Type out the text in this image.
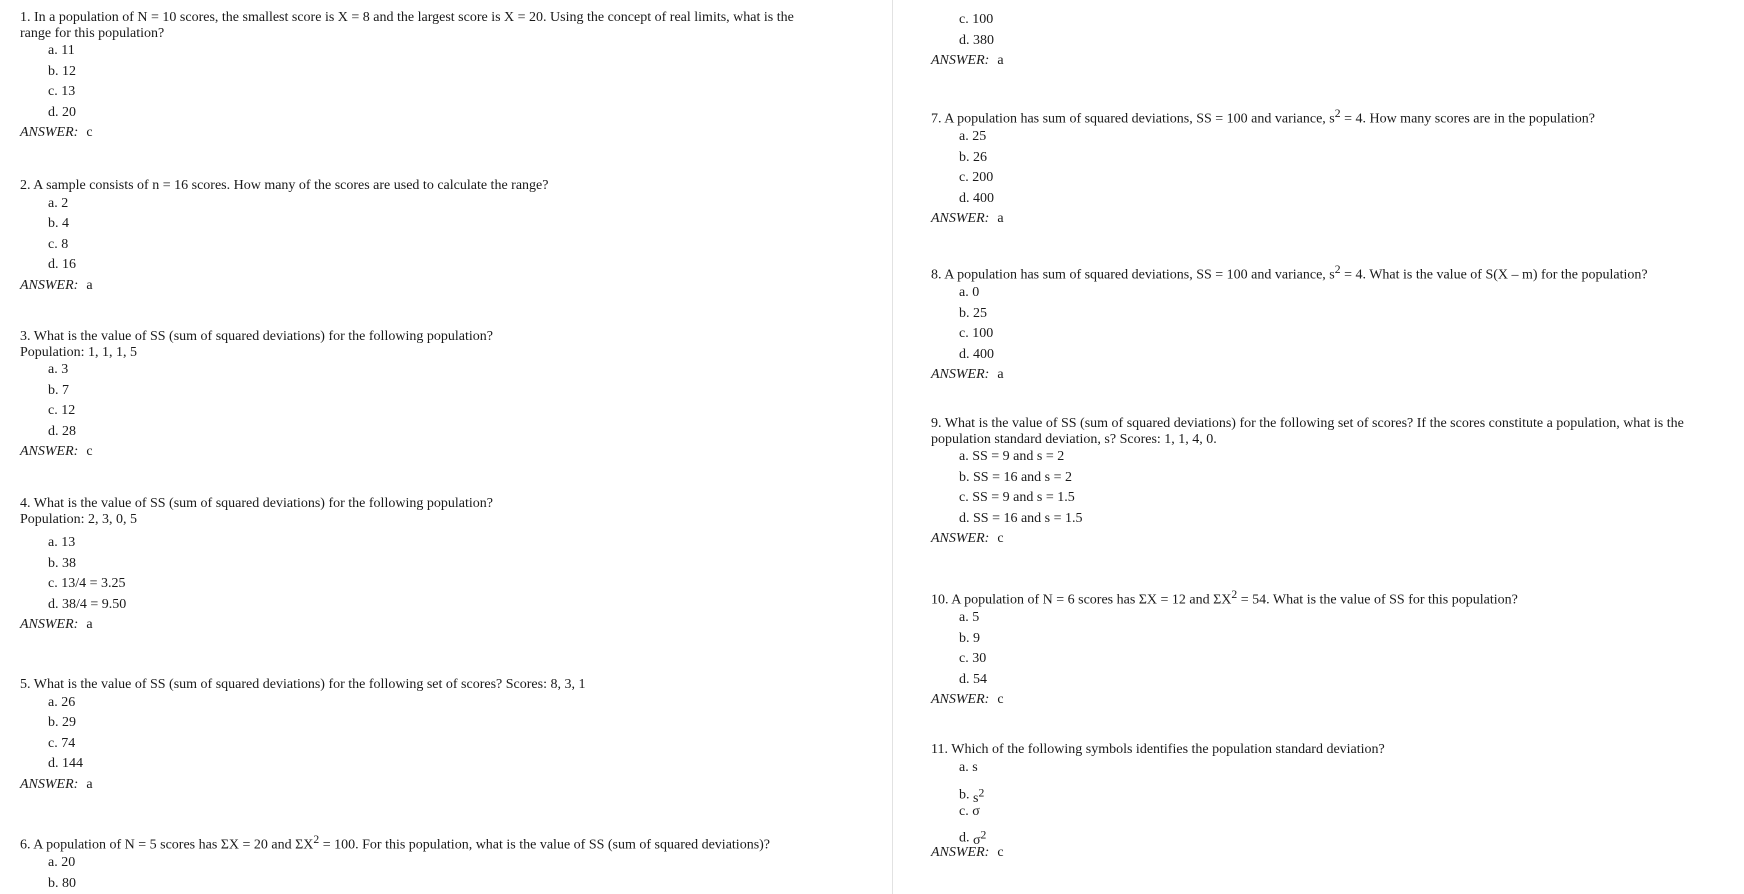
1. In a population of N = 10 scores, the smallest score is X = 8 and the largest score is X = 20. Using the concept of real limits, what is the
range for this population?
a. 11
b. 12
c. 13
d. 20
ANSWER: c
2. A sample consists of n = 16 scores. How many of the scores are used to calculate the range?
a. 2
b. 4
c. 8
d. 16
ANSWER: a
3. What is the value of SS (sum of squared deviations) for the following population?
Population: 1, 1, 1, 5
a. 3
b. 7
c. 12
d. 28
ANSWER: c
4. What is the value of SS (sum of squared deviations) for the following population?
Population: 2, 3, 0, 5
a. 13
b. 38
c. 13/4 = 3.25
d. 38/4 = 9.50
ANSWER: a
5. What is the value of SS (sum of squared deviations) for the following set of scores? Scores: 8, 3, 1
a. 26
b. 29
c. 74
d. 144
ANSWER: a
6. A population of N = 5 scores has ΣX = 20 and $\Sigma X^2 = 100$. For this population, what is the value of SS (sum of squared deviations)?
a. 20
b. 80
c. 100
d. 380
ANSWER: a
7. A population has sum of squared deviations, SS = 100 and variance, $s^2 = 4$. How many scores are in the population?
a. 25
b. 26
c. 200
d. 400
ANSWER: a
8. A population has sum of squared deviations, SS = 100 and variance, $s^2 = 4$. What is the value of S(X – m) for the population?
a. 0
b. 25
c. 100
d. 400
ANSWER: a
9. What is the value of SS (sum of squared deviations) for the following set of scores? If the scores constitute a population, what is the
population standard deviation, s? Scores: 1, 1, 4, 0.
a. SS = 9 and s = 2
b. SS = 16 and s = 2
c. SS = 9 and s = 1.5
d. SS = 16 and s = 1.5
ANSWER: c
10. A population of N = 6 scores has ΣX = 12 and $\Sigma X^2 = 54$. What is the value of SS for this population?
a. 5
b. 9
c. 30
d. 54
ANSWER: c
11. Which of the following symbols identifies the population standard deviation?
a. s
b. $s^2$
c. σ
d. $\sigma^2$
ANSWER: c
